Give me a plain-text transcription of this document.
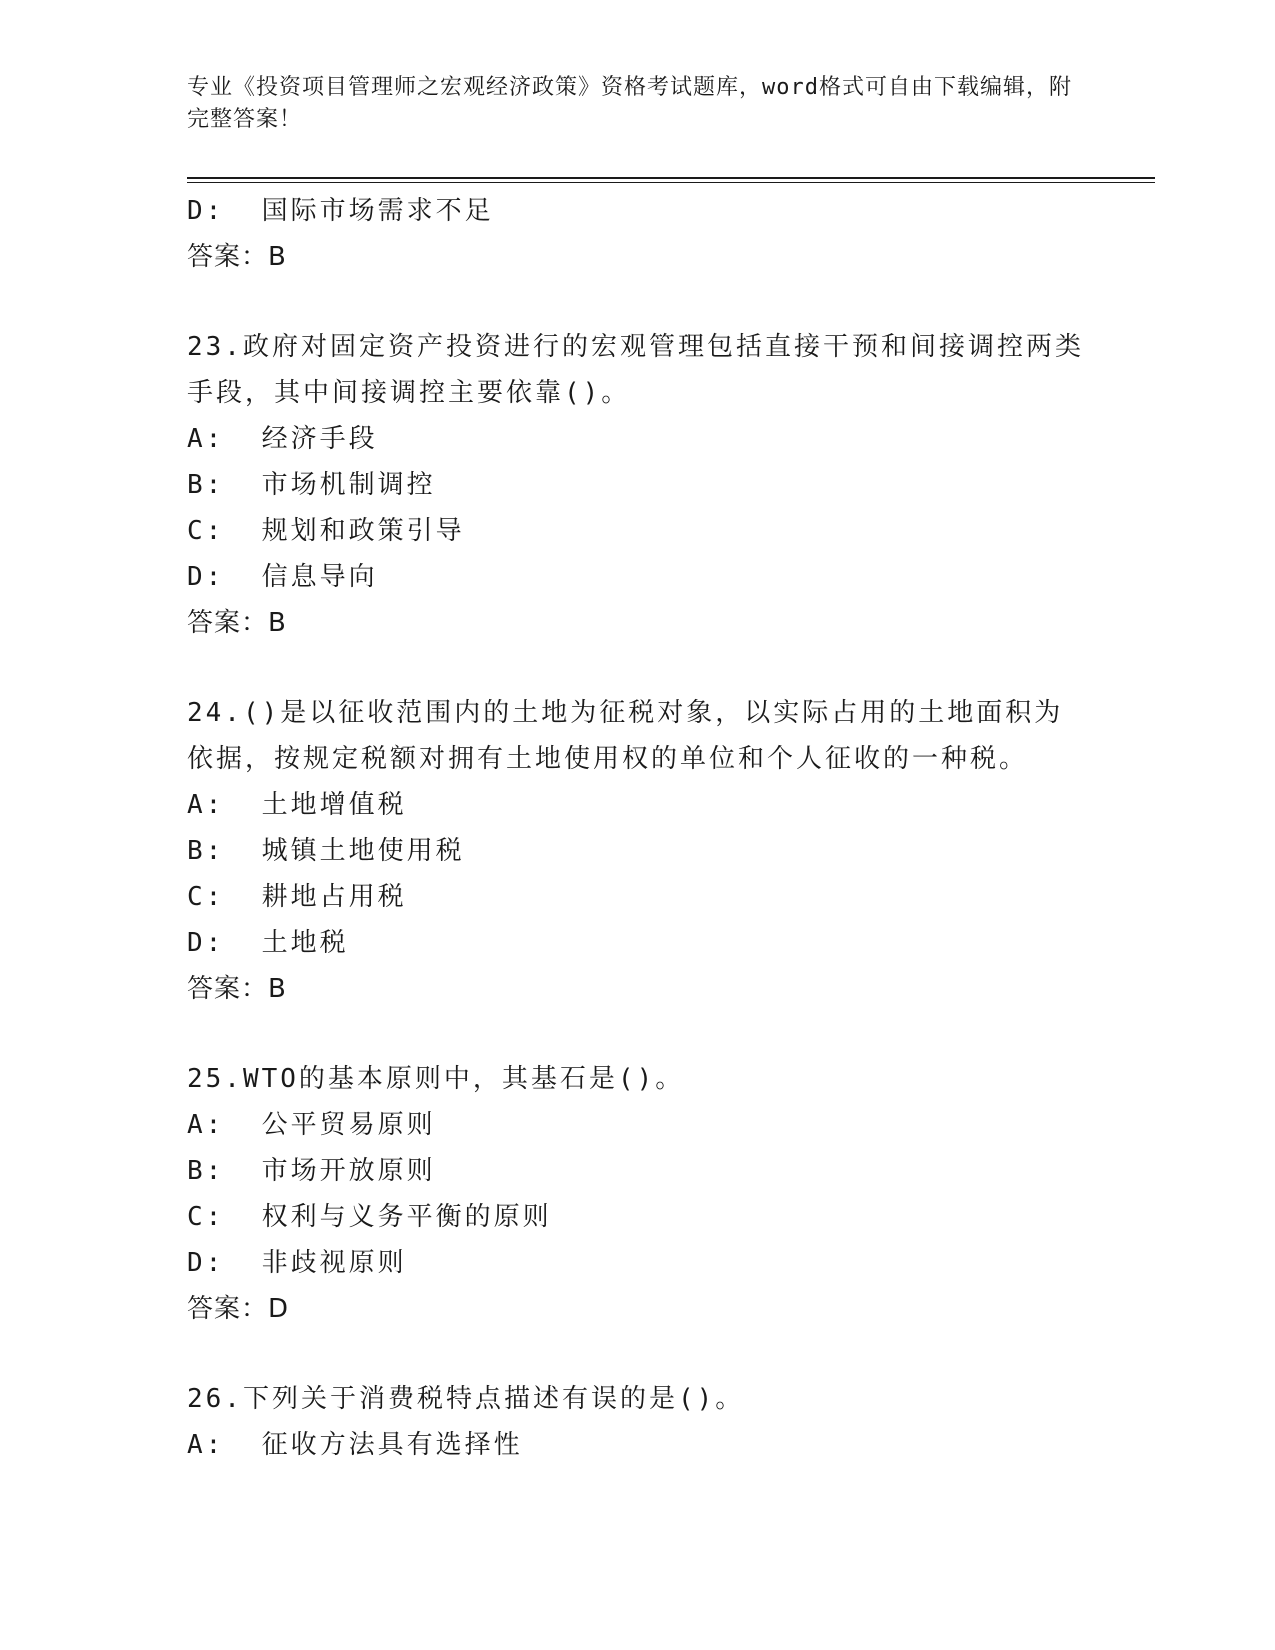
专业《投资项目管理师之宏观经济政策》资格考试题库，word格式可自由下载编辑，附完整答案！
D:  国际市场需求不足
答案：B
23.政府对固定资产投资进行的宏观管理包括直接干预和间接调控两类手段，其中间接调控主要依靠()。
A:  经济手段
B:  市场机制调控
C:  规划和政策引导
D:  信息导向
答案：B
24.()是以征收范围内的土地为征税对象，以实际占用的土地面积为依据，按规定税额对拥有土地使用权的单位和个人征收的一种税。
A:  土地增值税
B:  城镇土地使用税
C:  耕地占用税
D:  土地税
答案：B
25.WTO的基本原则中，其基石是()。
A:  公平贸易原则
B:  市场开放原则
C:  权利与义务平衡的原则
D:  非歧视原则
答案：D
26.下列关于消费税特点描述有误的是()。
A:  征收方法具有选择性
